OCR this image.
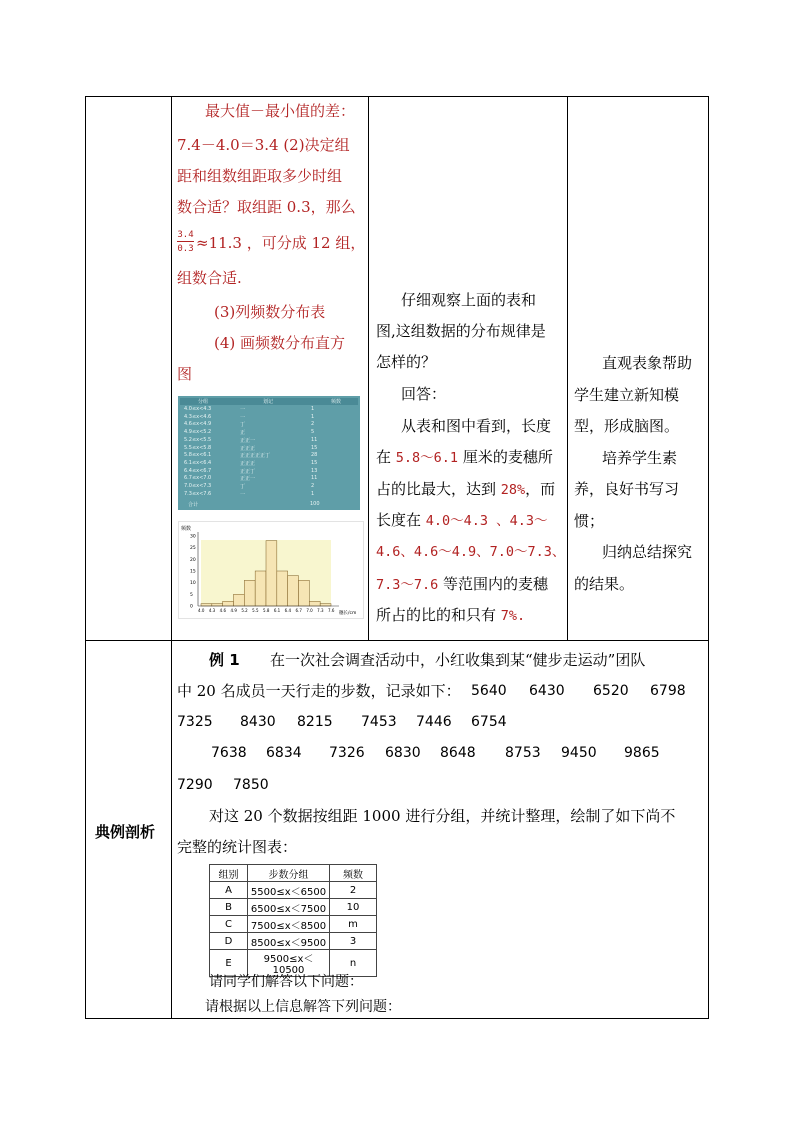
最大值－最小值的差：
7.4－4.0＝3.4 (2)决定组
距和组数组距取多少时组
数合适？取组距 0.3，那么
3.4
0.3 ≈11.3 ，可分成 12 组，
组数合适.
(3)列频数分布表
(4) 画频数分布直方
图
分组	划记	频数
4.0≤x<4.3	一	1
4.3≤x<4.6	一	1
4.6≤x<4.9	丁	2
4.9≤x<5.2	正	5
5.2≤x<5.5	正正一	11
5.5≤x<5.8	正正正	15
5.8≤x<6.1	正正正正正丁	28
6.1≤x<6.4	正正正	15
6.4≤x<6.7	正正丁	13
6.7≤x<7.0	正正一	11
7.0≤x<7.3	丁	2
7.3≤x<7.6	一	1
合计	100
频数
穗长/cm
0
5
10
15
20
25
30
4.0 4.3 4.6 4.9 5.2 5.5 5.8 6.1 6.4 6.7 7.0 7.3 7.6
仔细观察上面的表和
图,这组数据的分布规律是
怎样的？
回答：
从表和图中看到，长度
在 5.8～6.1 厘米的麦穗所
占的比最大，达到 28%，而
长度在 4.0～4.3 、4.3～
4.6、4.6～4.9、7.0～7.3、
7.3～7.6 等范围内的麦穗
所占的比的和只有 7%.
直观表象帮助
学生建立新知模
型，形成脑图。
培养学生素
养，良好书写习
惯；
归纳总结探究
的结果。
典例剖析
例 1 在一次社会调查活动中，小红收集到某“健步走运动”团队
中 20 名成员一天行走的步数，记录如下： 5640 6430 6520 6798
7325 8430 8215 7453 7446 6754
7638 6834 7326 6830 8648 8753 9450 9865
7290 7850
对这 20 个数据按组距 1000 进行分组，并统计整理，绘制了如下尚不
完整的统计图表：
组别	步数分组	频数
A	5500≤x＜6500	2
B	6500≤x＜7500	10
C	7500≤x＜8500	m
D	8500≤x＜9500	3
E	9500≤x＜10500	n
请同学们解答以下问题：
请根据以上信息解答下列问题：
